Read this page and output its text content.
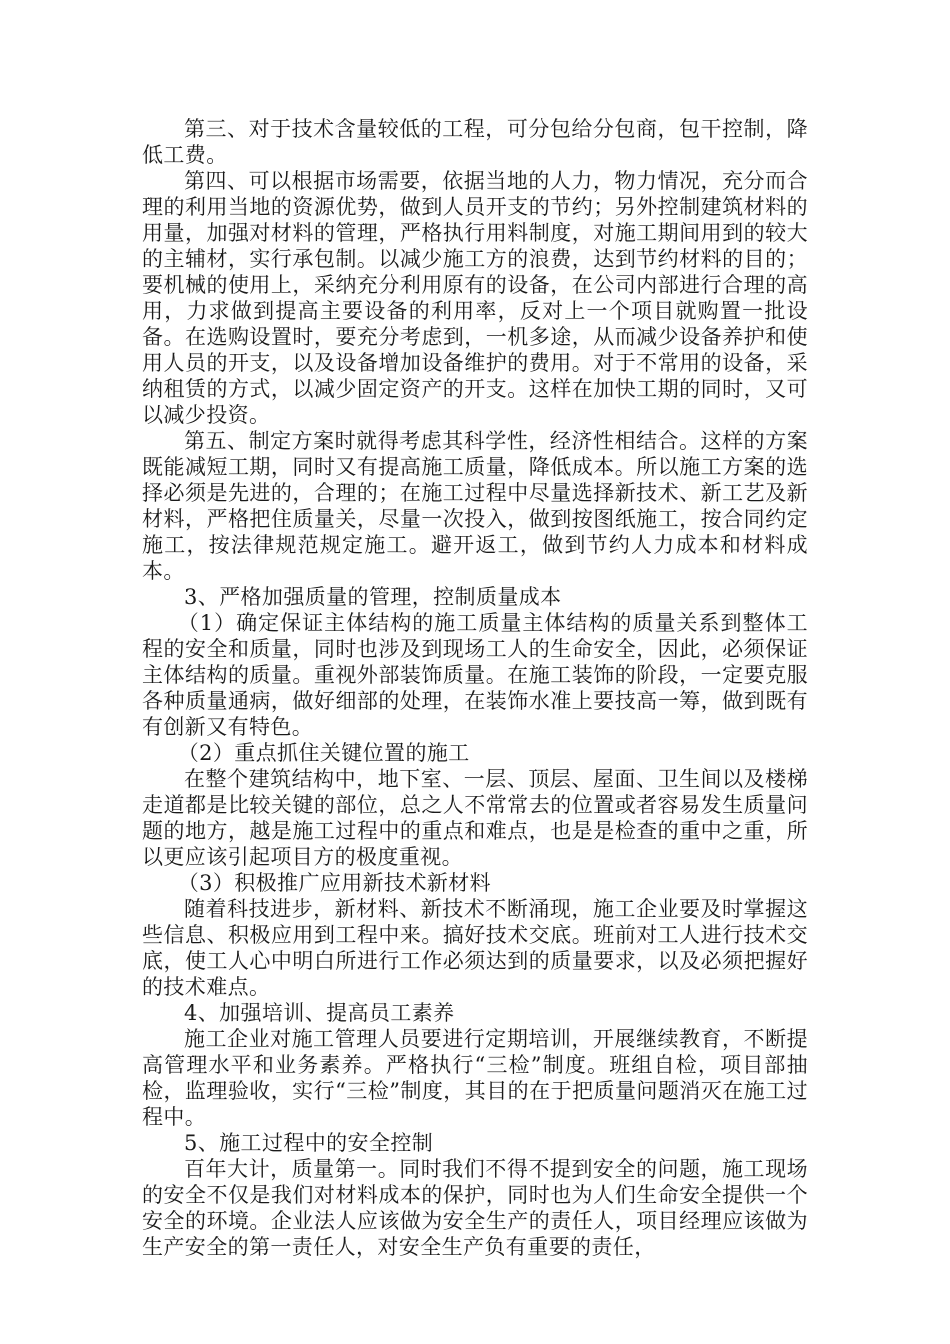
第三、对于技术含量较低的工程，可分包给分包商，包干控制，降低工费。

第四、可以根据市场需要，依据当地的人力，物力情况，充分而合理的利用当地的资源优势，做到人员开支的节约；另外控制建筑材料的用量，加强对材料的管理，严格执行用料制度，对施工期间用到的较大的主辅材，实行承包制。以减少施工方的浪费，达到节约材料的目的；要机械的使用上，采纳充分利用原有的设备，在公司内部进行合理的高用，力求做到提高主要设备的利用率，反对上一个项目就购置一批设备。在选购设置时，要充分考虑到，一机多途，从而减少设备养护和使用人员的开支，以及设备增加设备维护的费用。对于不常用的设备，采纳租赁的方式，以减少固定资产的开支。这样在加快工期的同时，又可以减少投资。

第五、制定方案时就得考虑其科学性，经济性相结合。这样的方案既能减短工期，同时又有提高施工质量，降低成本。所以施工方案的选择必须是先进的，合理的；在施工过程中尽量选择新技术、新工艺及新材料，严格把住质量关，尽量一次投入，做到按图纸施工，按合同约定施工，按法律规范规定施工。避开返工，做到节约人力成本和材料成本。

3、严格加强质量的管理，控制质量成本

（1）确定保证主体结构的施工质量主体结构的质量关系到整体工程的安全和质量，同时也涉及到现场工人的生命安全，因此，必须保证主体结构的质量。重视外部装饰质量。在施工装饰的阶段，一定要克服各种质量通病，做好细部的处理，在装饰水准上要技高一筹，做到既有有创新又有特色。

（2）重点抓住关键位置的施工

在整个建筑结构中，地下室、一层、顶层、屋面、卫生间以及楼梯走道都是比较关键的部位，总之人不常常去的位置或者容易发生质量问题的地方，越是施工过程中的重点和难点，也是是检查的重中之重，所以更应该引起项目方的极度重视。

（3）积极推广应用新技术新材料

随着科技进步，新材料、新技术不断涌现，施工企业要及时掌握这些信息、积极应用到工程中来。搞好技术交底。班前对工人进行技术交底，使工人心中明白所进行工作必须达到的质量要求，以及必须把握好的技术难点。

4、加强培训、提高员工素养

施工企业对施工管理人员要进行定期培训，开展继续教育，不断提高管理水平和业务素养。严格执行“三检”制度。班组自检，项目部抽检，监理验收，实行“三检”制度，其目的在于把质量问题消灭在施工过程中。

5、施工过程中的安全控制

百年大计，质量第一。同时我们不得不提到安全的问题，施工现场的安全不仅是我们对材料成本的保护，同时也为人们生命安全提供一个安全的环境。企业法人应该做为安全生产的责任人，项目经理应该做为生产安全的第一责任人，对安全生产负有重要的责任，
